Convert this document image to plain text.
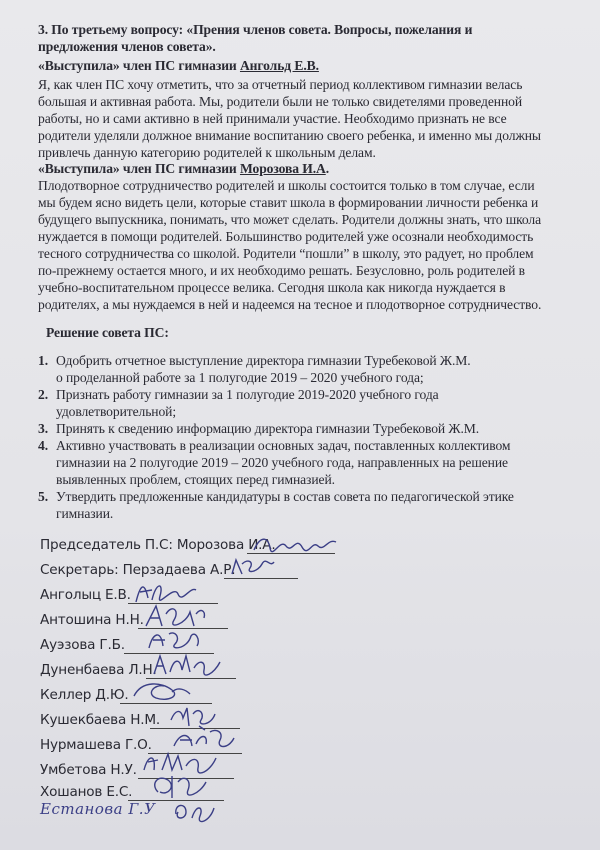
3. По третьему вопросу: «Прения членов совета. Вопросы, пожелания и
предложения членов совета».
«Выступила» член ПС гимназии Ангольд Е.В.
Я, как член ПС хочу отметить, что за отчетный период коллективом гимназии велась
большая и активная работа. Мы, родители были не только свидетелями проведенной
работы, но и сами активно в ней принимали участие. Необходимо признать не все
родители уделяли должное внимание воспитанию своего ребенка, и именно мы должны
привлечь данную категорию родителей к школьным делам.
«Выступила» член ПС гимназии Морозова И.А.
Плодотворное сотрудничество родителей и школы состоится только в том случае, если
мы будем ясно видеть цели, которые ставит школа в формировании личности ребенка и
будущего выпускника, понимать, что может сделать. Родители должны знать, что школа
нуждается в помощи родителей. Большинство родителей уже осознали необходимость
тесного сотрудничества со школой. Родители “пошли” в школу, это радует, но проблем
по-прежнему остается много, и их необходимо решать. Безусловно, роль родителей в
учебно-воспитательном процессе велика. Сегодня школа как никогда нуждается в
родителях, а мы нуждаемся в ней и надеемся на тесное и плодотворное сотрудничество.
Решение совета ПС:
1. Одобрить отчетное выступление директора гимназии Туребековой Ж.М.
о проделанной работе за 1 полугодие 2019 – 2020 учебного года;
2. Признать работу гимназии за 1 полугодие 2019-2020 учебного года
удовлетворительной;
3. Принять к сведению информацию директора гимназии Туребековой Ж.М.
4. Активно участвовать в реализации основных задач, поставленных коллективом
гимназии на 2 полугодие 2019 – 2020 учебного года, направленных на решение
выявленных проблем, стоящих перед гимназией.
5. Утвердить предложенные кандидатуры в состав совета по педагогической этике
гимназии.
Председатель П.С: Морозова И.А.
Секретарь: Перзадаева А.Р.
Анголыц Е.В.
Антошина Н.Н.
Ауэзова Г.Б.
Дуненбаева Л.Н.
Келлер Д.Ю.
Кушекбаева Н.М.
Нурмашева Г.О.
Умбетова Н.У.
Хошанов Е.С.
Есmaнова Г.У
